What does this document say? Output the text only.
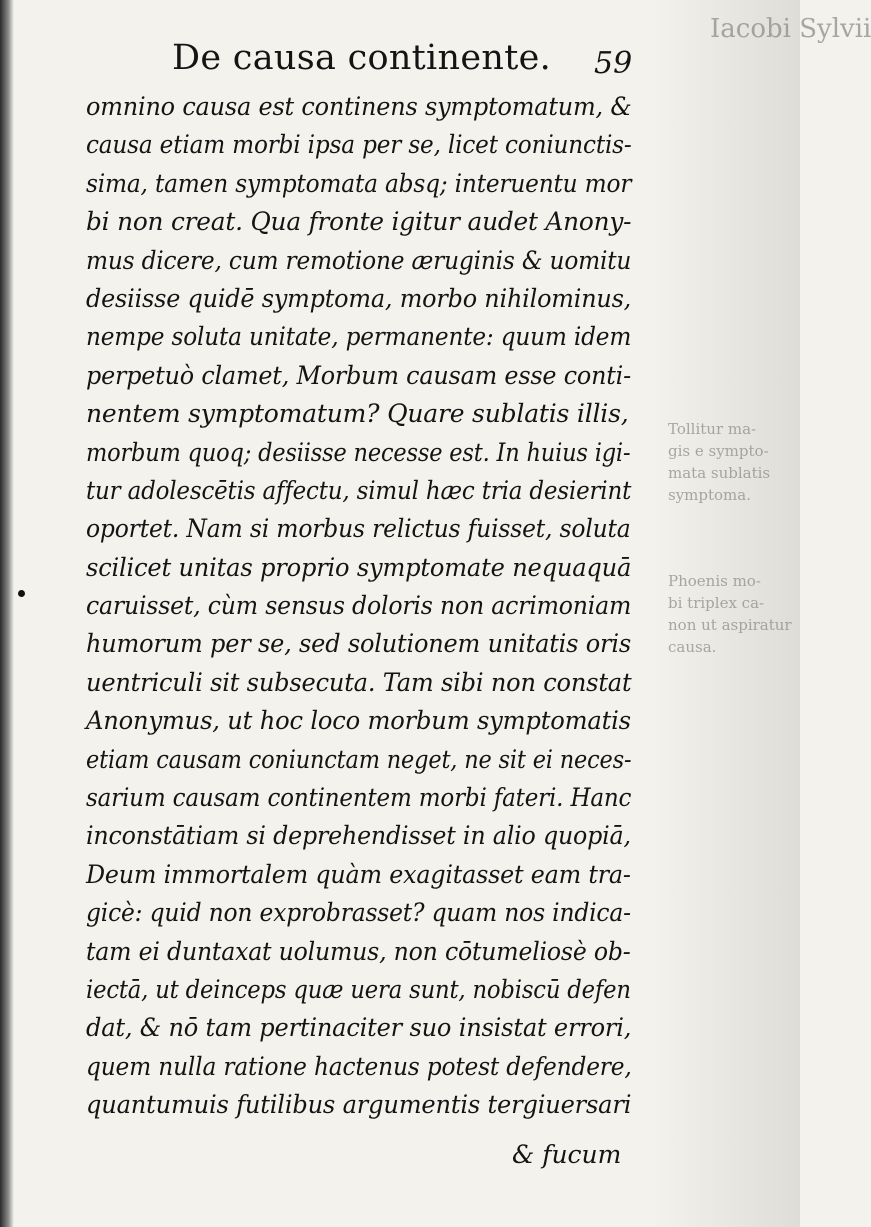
Iacobi Sylvii
Tollitur ma-
gis e sympto-
mata sublatis
symptoma.
Phoenis mo-
bi triplex ca-
non ut aspiratur
causa.
De causa continente. 59
omnino causa est continens symptomatum, &
causa etiam morbi ipsa per se, licet coniunctis-
sima, tamen symptomata absq; interuentu mor
bi non creat. Qua fronte igitur audet Anony-
mus dicere, cum remotione æruginis & uomitu
desiisse quidē symptoma, morbo nihilominus,
nempe soluta unitate, permanente: quum idem
perpetuò clamet, Morbum causam esse conti-
nentem symptomatum? Quare sublatis illis,
morbum quoq; desiisse necesse est. In huius igi-
tur adolescētis affectu, simul hæc tria desierint
oportet. Nam si morbus relictus fuisset, soluta
scilicet unitas proprio symptomate nequaquā
caruisset, cùm sensus doloris non acrimoniam
humorum per se, sed solutionem unitatis oris
uentriculi sit subsecuta. Tam sibi non constat
Anonymus, ut hoc loco morbum symptomatis
etiam causam coniunctam neget, ne sit ei neces-
sarium causam continentem morbi fateri. Hanc
inconstātiam si deprehendisset in alio quopiā,
Deum immortalem quàm exagitasset eam tra-
gicè: quid non exprobrasset? quam nos indica-
tam ei duntaxat uolumus, non cōtumeliosè ob-
iectā, ut deinceps quæ uera sunt, nobiscū defen
dat, & nō tam pertinaciter suo insistat errori,
quem nulla ratione hactenus potest defendere,
quantumuis futilibus argumentis tergiuersari
& fucum
